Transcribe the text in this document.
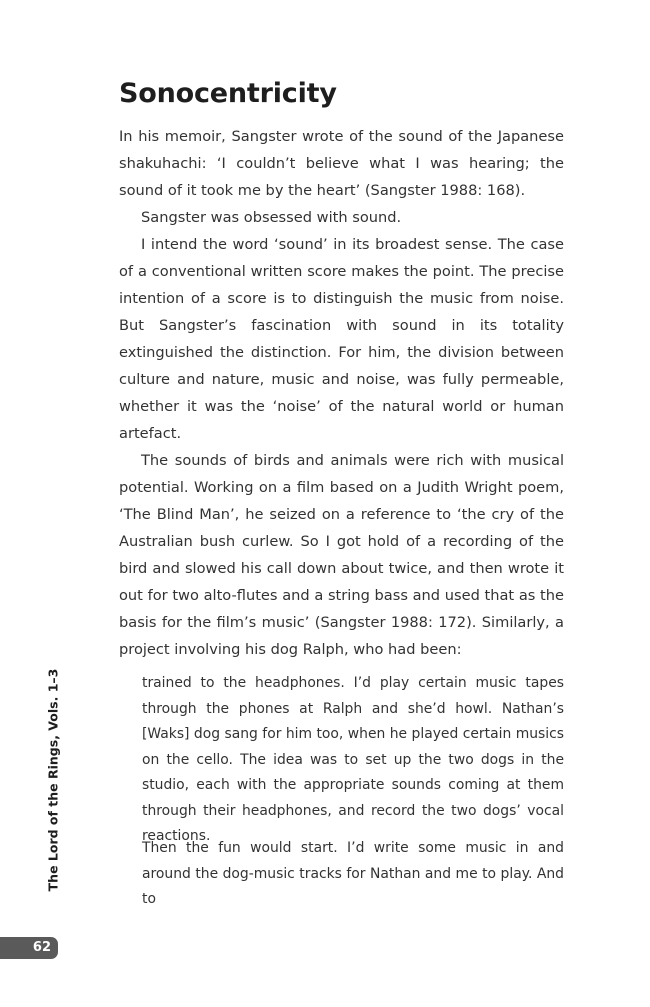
Sonocentricity

In his memoir, Sangster wrote of the sound of the Japanese shakuhachi: ‘I couldn’t believe what I was hearing; the sound of it took me by the heart’ (Sangster 1988: 168).

Sangster was obsessed with sound.

I intend the word ‘sound’ in its broadest sense. The case of a conventional written score makes the point. The precise intention of a score is to distinguish the music from noise. But Sangster’s fascination with sound in its totality extinguished the distinction. For him, the division between culture and nature, music and noise, was fully permeable, whether it was the ‘noise’ of the natural world or human artefact.

The sounds of birds and animals were rich with musical potential. Working on a film based on a Judith Wright poem, ‘The Blind Man’, he seized on a reference to ‘the cry of the Australian bush curlew. So I got hold of a recording of the bird and slowed his call down about twice, and then wrote it out for two alto-flutes and a string bass and used that as the basis for the film’s music’ (Sangster 1988: 172). Similarly, a project involving his dog Ralph, who had been:

trained to the headphones. I’d play certain music tapes through the phones at Ralph and she’d howl. Nathan’s [Waks] dog sang for him too, when he played certain musics on the cello. The idea was to set up the two dogs in the studio, each with the appropriate sounds coming at them through their headphones, and record the two dogs’ vocal reactions.

Then the fun would start. I’d write some music in and around the dog-music tracks for Nathan and me to play. And to

The Lord of the Rings, Vols. 1–3
62
